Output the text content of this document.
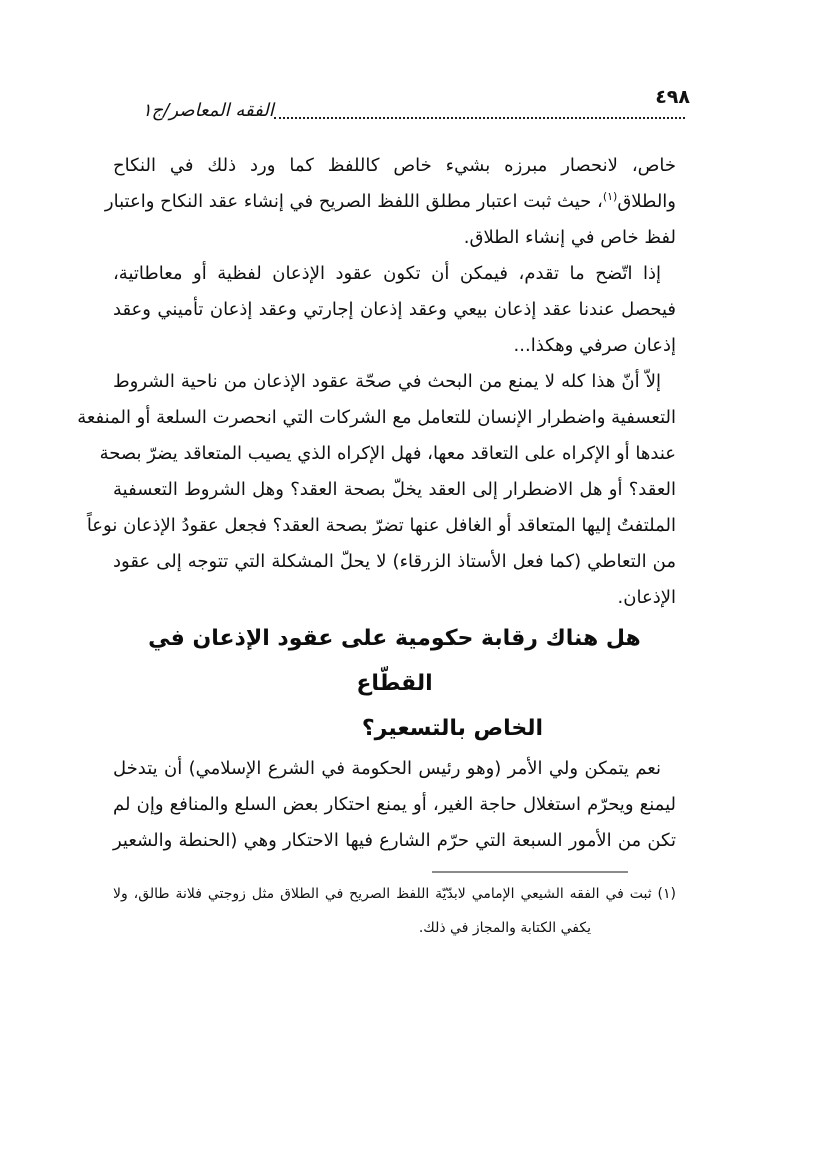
٤٩٨
الفقه المعاصر/ج١
خاص، لانحصار مبرزه بشيء خاص كاللفظ كما ورد ذلك في النكاح
والطلاق$^{(١)}$، حيث ثبت اعتبار مطلق اللفظ الصريح في إنشاء عقد النكاح واعتبار
لفظ خاص في إنشاء الطلاق.
إذا اتّضح ما تقدم، فيمكن أن تكون عقود الإذعان لفظية أو معاطاتية،
فيحصل عندنا عقد إذعان بيعي وعقد إذعان إجارتي وعقد إذعان تأميني وعقد
إذعان صرفي وهكذا...
إلاّ أنّ هذا كله لا يمنع من البحث في صحّة عقود الإذعان من ناحية الشروط
التعسفية واضطرار الإنسان للتعامل مع الشركات التي انحصرت السلعة أو المنفعة
عندها أو الإكراه على التعاقد معها، فهل الإكراه الذي يصيب المتعاقد يضرّ بصحة
العقد؟ أو هل الاضطرار إلى العقد يخلّ بصحة العقد؟ وهل الشروط التعسفية
الملتفتُ إليها المتعاقد أو الغافل عنها تضرّ بصحة العقد؟ فجعل عقودُ الإذعان نوعاً
من التعاطي (كما فعل الأستاذ الزرقاء) لا يحلّ المشكلة التي تتوجه إلى عقود
الإذعان.
هل هناك رقابة حكومية على عقود الإذعان في القطّاع
الخاص بالتسعير؟
نعم يتمكن ولي الأمر (وهو رئيس الحكومة في الشرع الإسلامي) أن يتدخل
ليمنع ويحرّم استغلال حاجة الغير، أو يمنع احتكار بعض السلع والمنافع وإن لم
تكن من الأمور السبعة التي حرّم الشارع فيها الاحتكار وهي (الحنطة والشعير
(١) ثبت في الفقه الشيعي الإمامي لابدّيّة اللفظ الصريح في الطلاق مثل زوجتي فلانة طالق، ولا
يكفي الكتابة والمجاز في ذلك.
